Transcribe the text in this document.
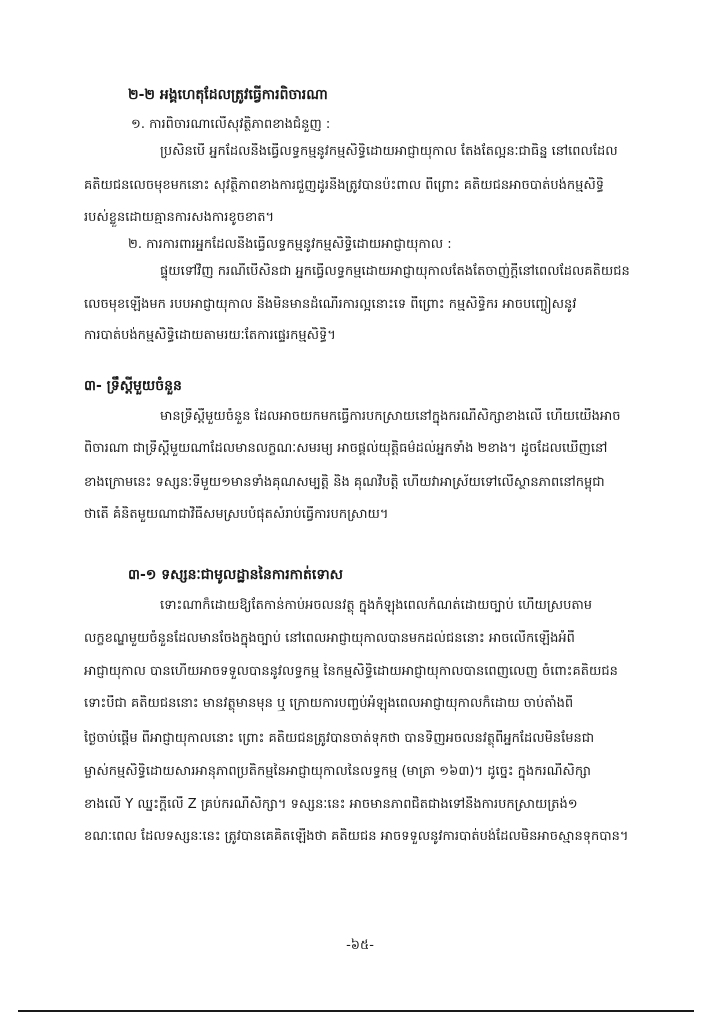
២-២ អង្គហេតុដែលត្រូវធ្វើការពិចារណា
១. ការពិចារណាលើសុវត្ថិភាពខាងជំនួញ :
ប្រសិនបើ អ្នកដែលនឹងធ្វើលទ្ធកម្មនូវកម្មសិទ្ធិដោយអាជ្ញាយុកាល តែងតែល្អនៈជាធិន្ន នៅពេលដែល
គតិយជនលេចមុខមកនោះ សុវត្ថិភាពខាងការជួញដូរនឹងត្រូវបានប៉ះពាល ពីព្រោះ គតិយជនអាចបាត់បង់កម្មសិទ្ធិ
របស់ខ្លួនដោយគ្មានការសងការខូចខាត។
២. ការការពារអ្នកដែលនឹងធ្វើលទ្ធកម្មនូវកម្មសិទ្ធិដោយអាជ្ញាយុកាល :
ផ្ទុយទៅវិញ ករណីបើសិនជា អ្នកធ្វើលទ្ធកម្មដោយអាជ្ញាយុកាលតែងតែចាញ់ក្តីនៅពេលដែលគតិយជន
លេចមុខឡើងមក របបអាជ្ញាយុកាល នឹងមិនមានដំណើរការល្អនោះទេ ពីព្រោះ កម្មសិទ្ធិករ អាចបញ្ចៀសនូវ
ការបាត់បង់កម្មសិទ្ធិដោយតាមរយៈតែការផ្ទេរកម្មសិទ្ធិ។
៣- ទ្រឹស្តីមួយចំនួន
មានទ្រឹស្តីមួយចំនួន ដែលអាចយកមកធ្វើការបកស្រាយនៅក្នុងករណីសិក្សាខាងលើ ហើយយើងអាច
ពិចារណា ជាទ្រឹស្តីមួយណាដែលមានលក្ខណៈសមរម្យ អាចផ្តល់យុត្តិធម៌ដល់អ្នកទាំង ២ខាង។ ដូចដែលឃើញនៅ
ខាងក្រោមនេះ ទស្សនៈទីមួយ១មានទាំងគុណសម្បត្តិ និង គុណវិបត្តិ ហើយវាអាស្រ័យទៅលើស្ថានភាពនៅកម្ពុជា
ថាតើ គំនិតមួយណាជាវិធីសមស្របបំផុតសំរាប់ធ្វើការបកស្រាយ។
៣-១ ទស្សនៈជាមូលដ្ឋាននៃការកាត់ទោស
ទោះណាក៏ដោយឱ្យតែកាន់កាប់អចលនវត្ថុ ក្នុងកំឡុងពេលកំណត់ដោយច្បាប់ ហើយស្របតាម
លក្ខខណ្ឌមួយចំនួនដែលមានចែងក្នុងច្បាប់ នៅពេលអាជ្ញាយុកាលបានមកដល់ជននោះ អាចលើកឡើងអំពី
អាជ្ញាយុកាល បានហើយអាចទទួលបាននូវលទ្ធកម្ម នៃកម្មសិទ្ធិដោយអាជ្ញាយុកាលបានពេញលេញ ចំពោះគតិយជន
ទោះបីជា គតិយជននោះ មានវត្ថុមានមុន ឬ ក្រោយការបញ្ចប់អំឡុងពេលអាជ្ញាយុកាលក៏ដោយ ចាប់តាំងពី
ថ្ងៃចាប់ផ្តើម ពីអាជ្ញាយុកាលនោះ ព្រោះ គតិយជនត្រូវបានចាត់ទុកថា បានទិញអចលនវត្ថុពីអ្នកដែលមិនមែនជា
ម្ចាស់កម្មសិទ្ធិដោយសារអានុភាពប្រតិកម្មនៃអាជ្ញាយុកាលនៃលទ្ធកម្ម (មាត្រា ១៦៣)។ ដូច្នេះ ក្នុងករណីសិក្សា
ខាងលើ Y ឈ្នះក្តីលើ Z គ្រប់ករណីសិក្សា។ ទស្សនៈនេះ អាចមានភាពជិតជាងទៅនឹងការបកស្រាយត្រង់១
ខណៈពេល ដែលទស្សនៈនេះ ត្រូវបានគេគិតឡើងថា គតិយជន អាចទទួលនូវការបាត់បង់ដែលមិនអាចស្មានទុកបាន។
-៦៥-
